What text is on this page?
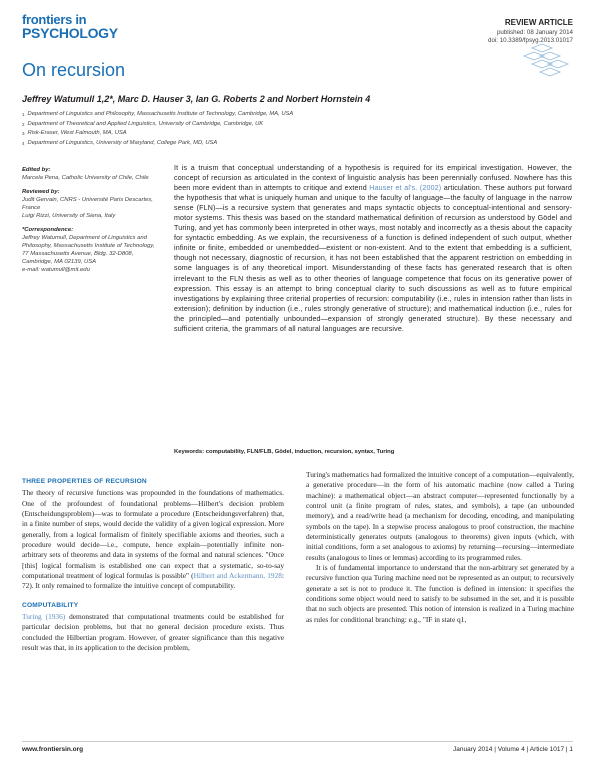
frontiers in
PSYCHOLOGY
REVIEW ARTICLE
published: 08 January 2014
doi: 10.3389/fpsyg.2013.01017
On recursion
Jeffrey Watumull 1,2*, Marc D. Hauser 3, Ian G. Roberts 2 and Norbert Hornstein 4
$^1$ Department of Linguistics and Philosophy, Massachusetts Institute of Technology, Cambridge, MA, USA
$^2$ Department of Theoretical and Applied Linguistics, University of Cambridge, Cambridge, UK
$^3$ Risk-Eraser, West Falmouth, MA, USA
$^4$ Department of Linguistics, University of Maryland, College Park, MD, USA
Edited by:
Marcela Pena, Catholic University of Chile, Chile
Reviewed by:
Judit Gervain, CNRS - Université Paris Descartes, France
Luigi Rizzi, University of Siena, Italy
*Correspondence:
Jeffrey Watumull, Department of Linguistics and Philosophy, Massachusetts Institute of Technology, 77 Massachusetts Avenue, Bldg. 32-D808, Cambridge, MA 02139, USA
e-mail: watumull@mit.edu
It is a truism that conceptual understanding of a hypothesis is required for its empirical investigation. However, the concept of recursion as articulated in the context of linguistic analysis has been perennially confused. Nowhere has this been more evident than in attempts to critique and extend Hauser et al's. (2002) articulation. These authors put forward the hypothesis that what is uniquely human and unique to the faculty of language—the faculty of language in the narrow sense (FLN)—is a recursive system that generates and maps syntactic objects to conceptual-intentional and sensory-motor systems. This thesis was based on the standard mathematical definition of recursion as understood by Gödel and Turing, and yet has commonly been interpreted in other ways, most notably and incorrectly as a thesis about the capacity for syntactic embedding. As we explain, the recursiveness of a function is defined independent of such output, whether infinite or finite, embedded or unembedded—existent or non-existent. And to the extent that embedding is a sufficient, though not necessary, diagnostic of recursion, it has not been established that the apparent restriction on embedding in some languages is of any theoretical import. Misunderstanding of these facts has generated research that is often irrelevant to the FLN thesis as well as to other theories of language competence that focus on its generative power of expression. This essay is an attempt to bring conceptual clarity to such discussions as well as to future empirical investigations by explaining three criterial properties of recursion: computability (i.e., rules in intension rather than lists in extension); definition by induction (i.e., rules strongly generative of structure); and mathematical induction (i.e., rules for the principled—and potentially unbounded—expansion of strongly generated structure). By these necessary and sufficient criteria, the grammars of all natural languages are recursive.
Keywords: computability, FLN/FLB, Gödel, induction, recursion, syntax, Turing
THREE PROPERTIES OF RECURSION

The theory of recursive functions was propounded in the foundations of mathematics. One of the profoundest of foundational problems—Hilbert's decision problem (Entscheidungsproblem)—was to formulate a procedure (Entscheidungsverfahren) that, in a finite number of steps, would decide the validity of a given logical expression. More generally, from a logical formalism of finitely specifiable axioms and theories, such a procedure would decide—i.e., compute, hence explain—potentially infinite non-arbitrary sets of theorems and data in systems of the formal and natural sciences. "Once [this] logical formalism is established one can expect that a systematic, so-to-say computational treatment of logical formulas is possible" (Hilbert and Ackermann, 1928: 72). It only remained to formalize the intuitive concept of computability.

COMPUTABILITY

Turing (1936) demonstrated that computational treatments could be established for particular decision problems, but that no general decision procedure exists. Thus concluded the Hilbertian program. However, of greater significance than this negative result was that, in its application to the decision problem,

Turing's mathematics had formalized the intuitive concept of a computation—equivalently, a generative procedure—in the form of his automatic machine (now called a Turing machine): a mathematical object—an abstract computer—represented functionally by a control unit (a finite program of rules, states, and symbols), a tape (an unbounded memory), and a read/write head (a mechanism for decoding, encoding, and manipulating symbols on the tape). In a stepwise process analogous to proof construction, the machine deterministically generates outputs (analogous to theorems) given inputs (which, with initial conditions, form a set analogous to axioms) by returning—recursing—intermediate results (analogous to lines or lemmas) according to its programmed rules.

It is of fundamental importance to understand that the non-arbitrary set generated by a recursive function qua Turing machine need not be represented as an output; to recursively generate a set is not to produce it. The function is defined in intension: it specifies the conditions some object would need to satisfy to be subsumed in the set, and it is possible that no such objects are presented. This notion of intension is realized in a Turing machine as rules for conditional branching: e.g., "IF in state q1,

www.frontiersin.org	January 2014 | Volume 4 | Article 1017 | 1
